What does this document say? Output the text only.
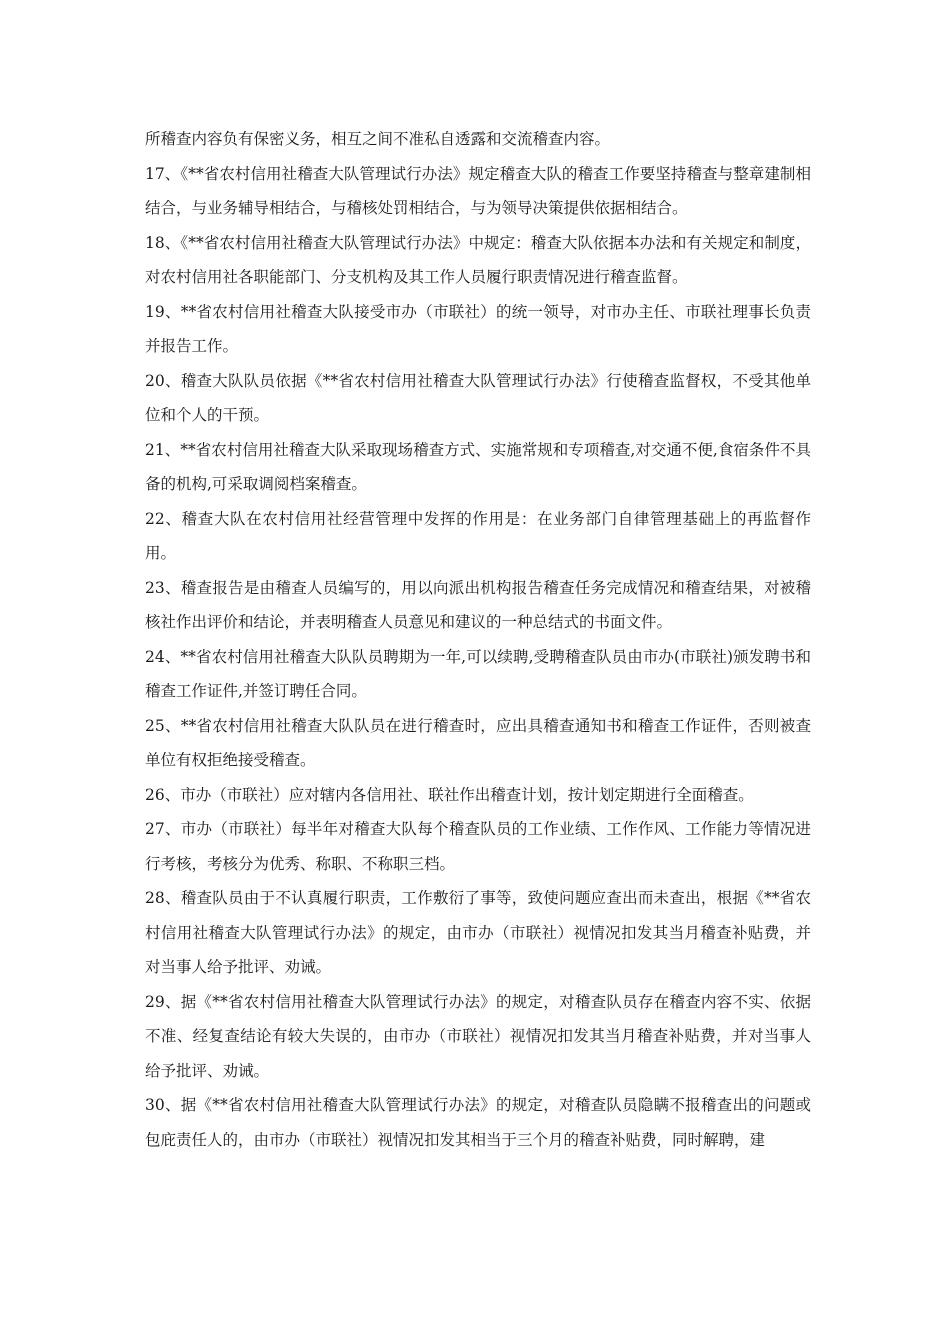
所稽查内容负有保密义务，相互之间不准私自透露和交流稽查内容。

17、《**省农村信用社稽查大队管理试行办法》规定稽查大队的稽查工作要坚持稽查与整章建制相结合，与业务辅导相结合，与稽核处罚相结合，与为领导决策提供依据相结合。

18、《**省农村信用社稽查大队管理试行办法》中规定：稽查大队依据本办法和有关规定和制度，对农村信用社各职能部门、分支机构及其工作人员履行职责情况进行稽查监督。

19、**省农村信用社稽查大队接受市办（市联社）的统一领导，对市办主任、市联社理事长负责并报告工作。

20、稽查大队队员依据《**省农村信用社稽查大队管理试行办法》行使稽查监督权，不受其他单位和个人的干预。

21、**省农村信用社稽查大队采取现场稽查方式、实施常规和专项稽查,对交通不便,食宿条件不具备的机构,可采取调阅档案稽查。

22、稽查大队在农村信用社经营管理中发挥的作用是：在业务部门自律管理基础上的再监督作用。

23、稽查报告是由稽查人员编写的，用以向派出机构报告稽查任务完成情况和稽查结果，对被稽核社作出评价和结论，并表明稽查人员意见和建议的一种总结式的书面文件。

24、**省农村信用社稽查大队队员聘期为一年,可以续聘,受聘稽查队员由市办(市联社)颁发聘书和稽查工作证件,并签订聘任合同。

25、**省农村信用社稽查大队队员在进行稽查时，应出具稽查通知书和稽查工作证件，否则被查单位有权拒绝接受稽查。

26、市办（市联社）应对辖内各信用社、联社作出稽查计划，按计划定期进行全面稽查。

27、市办（市联社）每半年对稽查大队每个稽查队员的工作业绩、工作作风、工作能力等情况进行考核，考核分为优秀、称职、不称职三档。

28、稽查队员由于不认真履行职责，工作敷衍了事等，致使问题应查出而未查出，根据《**省农村信用社稽查大队管理试行办法》的规定，由市办（市联社）视情况扣发其当月稽查补贴费，并对当事人给予批评、劝诫。

29、据《**省农村信用社稽查大队管理试行办法》的规定，对稽查队员存在稽查内容不实、依据不准、经复查结论有较大失误的，由市办（市联社）视情况扣发其当月稽查补贴费，并对当事人给予批评、劝诫。

30、据《**省农村信用社稽查大队管理试行办法》的规定，对稽查队员隐瞒不报稽查出的问题或包庇责任人的，由市办（市联社）视情况扣发其相当于三个月的稽查补贴费，同时解聘，建
